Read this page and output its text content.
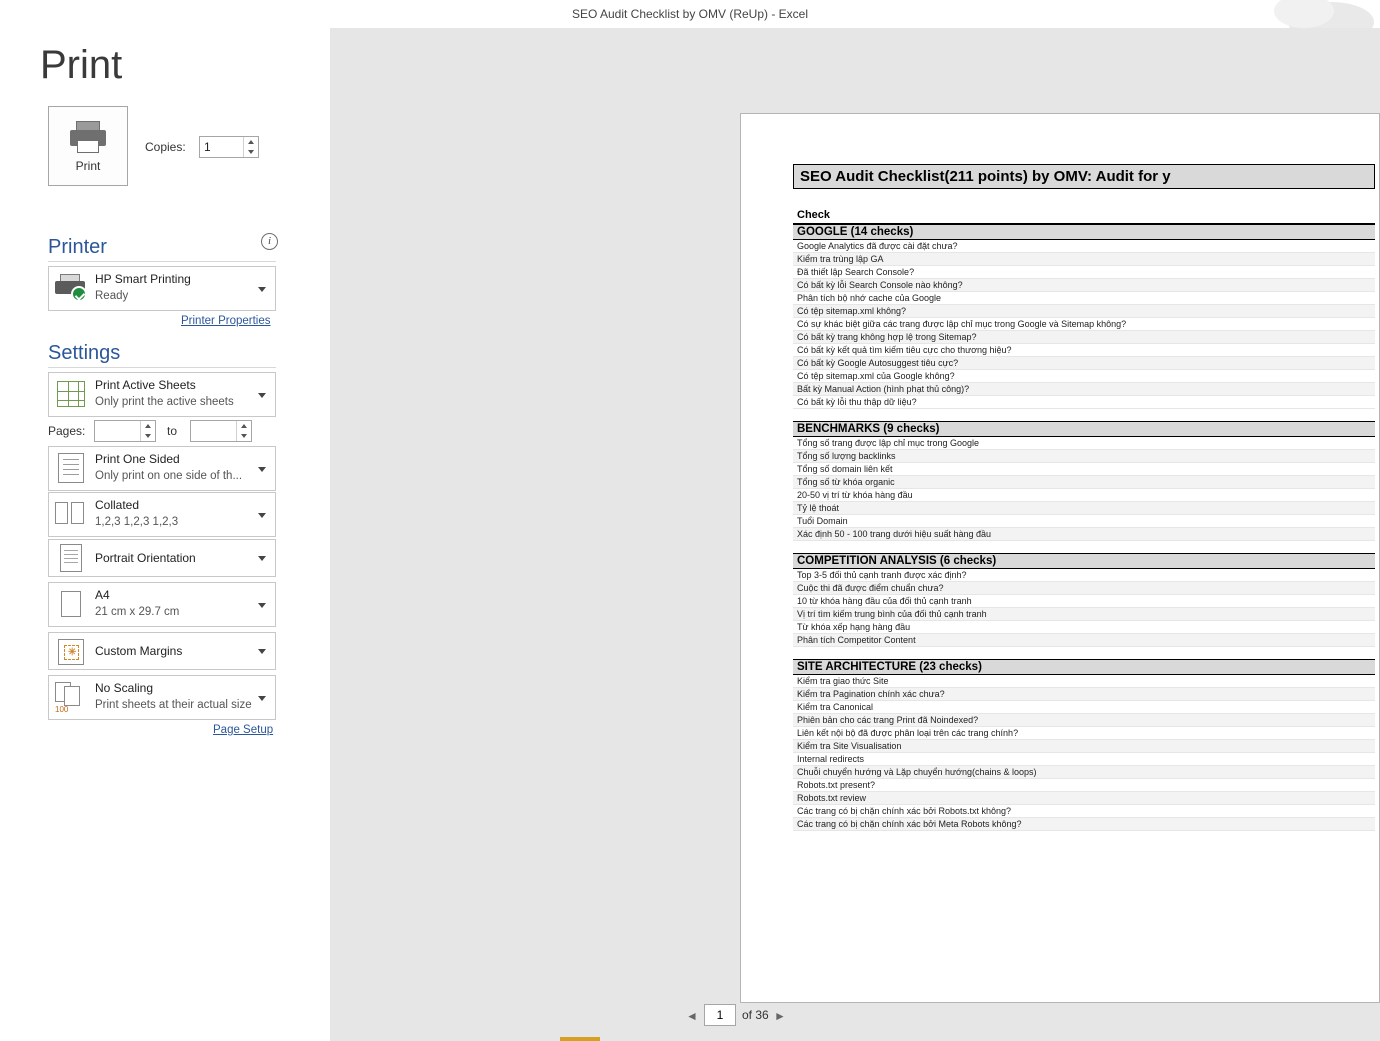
SEO Audit Checklist by OMV (ReUp) - Excel
Print
Print
Copies:
1
Printer	i
HP Smart Printing
Ready
Printer Properties
Settings
Print Active Sheets
Only print the active sheets
Pages:	to
Print One Sided
Only print on one side of th...
Collated
1,2,3 1,2,3 1,2,3
Portrait Orientation
A4
21 cm x 29.7 cm
✳ Custom Margins
100
No Scaling
Print sheets at their actual size
Page Setup
SEO Audit Checklist(211 points) by OMV: Audit for y
Check
GOOGLE (14 checks)
Google Analytics đã được cài đặt chưa?
Kiểm tra trùng lập GA
Đã thiết lập Search Console?
Có bất kỳ lỗi Search Console nào không?
Phân tích bộ nhớ cache của Google
Có tệp sitemap.xml không?
Có sự khác biệt giữa các trang được lập chỉ mục trong Google và Sitemap không?
Có bất kỳ trang không hợp lệ trong Sitemap?
Có bất kỳ kết quả tìm kiếm tiêu cực cho thương hiệu?
Có bất kỳ Google Autosuggest tiêu cực?
Có tệp sitemap.xml của Google không?
Bất kỳ Manual Action (hình phạt thủ công)?
Có bất kỳ lỗi thu thập dữ liệu?
BENCHMARKS (9 checks)
Tổng số trang được lập chỉ mục trong Google
Tổng số lượng backlinks
Tổng số domain liên kết
Tổng số từ khóa organic
20-50 vị trí từ khóa hàng đầu
Tỷ lệ thoát
Tuổi Domain
Xác định 50 - 100 trang dưới hiệu suất hàng đầu
COMPETITION ANALYSIS (6 checks)
Top 3-5 đối thủ cạnh tranh được xác định?
Cuộc thi đã được điểm chuẩn chưa?
10 từ khóa hàng đầu của đối thủ cạnh tranh
Vị trí tìm kiếm trung bình của đối thủ cạnh tranh
Từ khóa xếp hạng hàng đầu
Phân tích Competitor Content
SITE ARCHITECTURE (23 checks)
Kiểm tra giao thức Site
Kiểm tra Pagination chính xác chưa?
Kiểm tra Canonical
Phiên bản cho các trang Print đã Noindexed?
Liên kết nội bộ đã được phân loại trên các trang chính?
Kiểm tra Site Visualisation
Internal redirects
Chuỗi chuyển hướng và Lặp chuyển hướng(chains & loops)
Robots.txt present?
Robots.txt review
Các trang có bị chặn chính xác bởi Robots.txt không?
Các trang có bị chặn chính xác bởi Meta Robots không?
◄
1	of 36 ►
